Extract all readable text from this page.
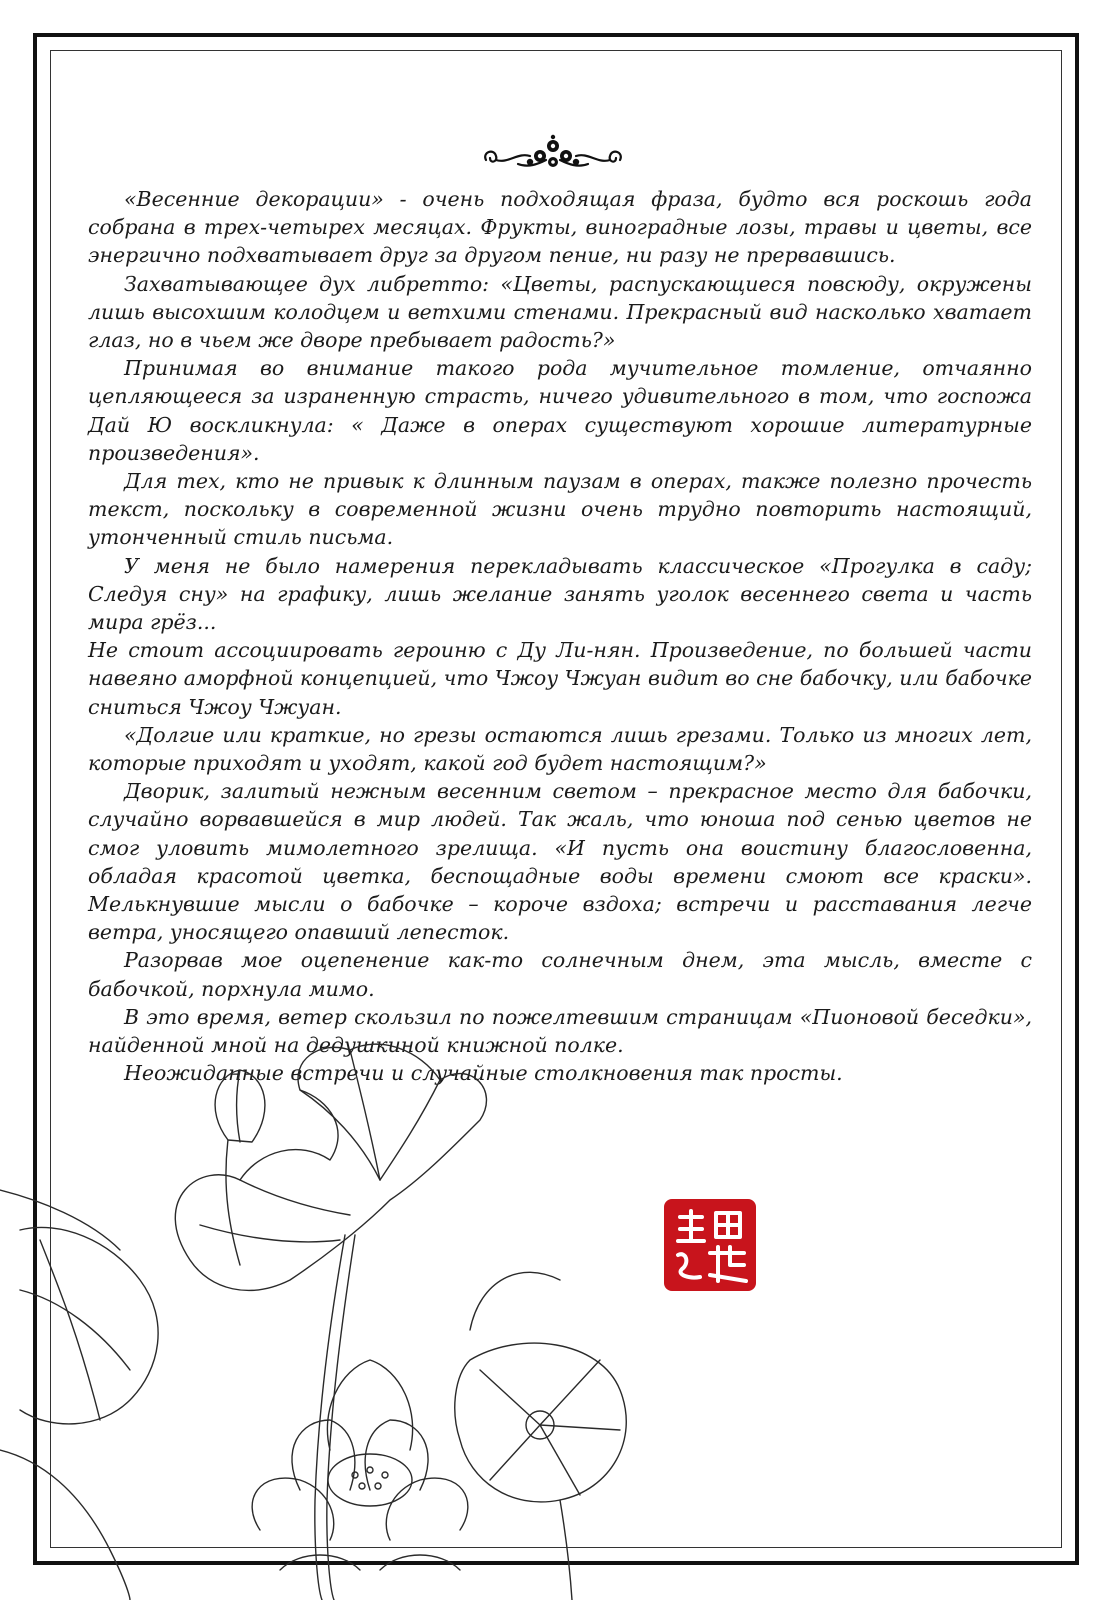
«Весенние декорации» - очень подходящая фраза, будто вся роскошь года собрана в трех-четырех месяцах. Фрукты, виноградные лозы, травы и цветы, все энергично подхватывает друг за другом пение, ни разу не прервавшись.

Захватывающее дух либретто: «Цветы, распускающиеся повсюду, окружены лишь высохшим колодцем и ветхими стенами. Прекрасный вид насколько хватает глаз, но в чьем же дворе пребывает радость?»

Принимая во внимание такого рода мучительное томление, отчаянно цепляющееся за израненную страсть, ничего удивительного в том, что госпожа Дай Ю воскликнула: « Даже в операх существуют хорошие литературные произведения».

Для тех, кто не привык к длинным паузам в операх, также полезно прочесть текст, поскольку в современной жизни очень трудно повторить настоящий, утонченный стиль письма.

У меня не было намерения перекладывать классическое «Прогулка в саду; Следуя сну» на графику, лишь желание занять уголок весеннего света и часть мира грёз...

Не стоит ассоциировать героиню с Ду Ли-нян. Произведение, по большей части навеяно аморфной концепцией, что Чжоу Чжуан видит во сне бабочку, или бабочке сниться Чжоу Чжуан.

«Долгие или краткие, но грезы остаются лишь грезами. Только из многих лет, которые приходят и уходят, какой год будет настоящим?»

Дворик, залитый нежным весенним светом – прекрасное место для бабочки, случайно ворвавшейся в мир людей. Так жаль, что юноша под сенью цветов не смог уловить мимолетного зрелища. «И пусть она воистину благословенна, обладая красотой цветка, беспощадные воды времени смоют все краски». Мелькнувшие мысли о бабочке – короче вздоха; встречи и расставания легче ветра, уносящего опавший лепесток.

Разорвав мое оцепенение как-то солнечным днем, эта мысль, вместе с бабочкой, порхнула мимо.

В это время, ветер скользил по пожелтевшим страницам «Пионовой беседки», найденной мной на дедушкиной книжной полке.

Неожиданные встречи и случайные столкновения так просты.
